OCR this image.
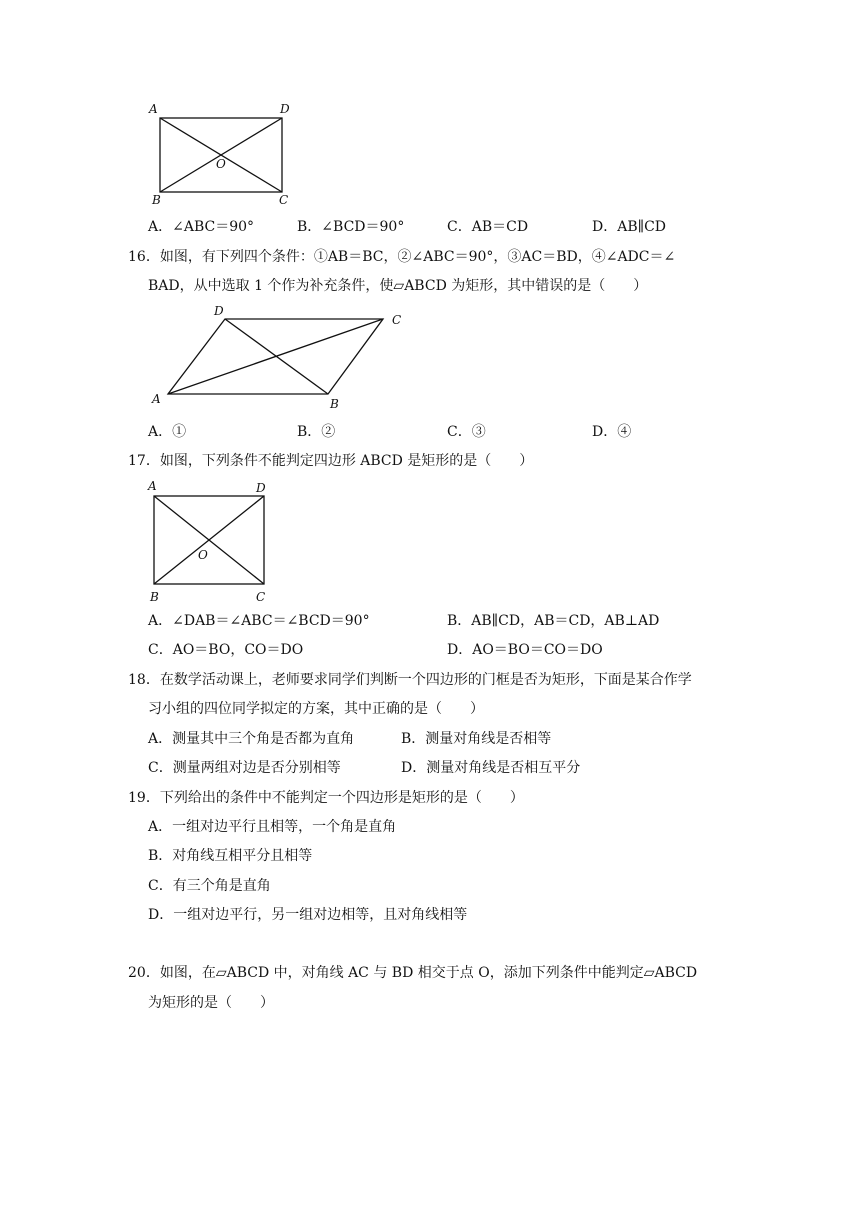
A	D
B	C
O
A．∠ABC＝90°	B．∠BCD＝90°	C．AB＝CD	D．AB∥CD
16．如图，有下列四个条件：①AB＝BC，②∠ABC＝90°，③AC＝BD，④∠ADC＝∠
BAD，从中选取 1 个作为补充条件，使▱ABCD 为矩形，其中错误的是（　　）
D
C
A	B
A．①	B．②	C．③	D．④
17．如图，下列条件不能判定四边形 ABCD 是矩形的是（　　）
A	D
B	C
O
A．∠DAB＝∠ABC＝∠BCD＝90°	B．AB∥CD，AB＝CD，AB⊥AD
C．AO＝BO，CO＝DO	D．AO＝BO＝CO＝DO
18．在数学活动课上，老师要求同学们判断一个四边形的门框是否为矩形，下面是某合作学
习小组的四位同学拟定的方案，其中正确的是（　　）
A．测量其中三个角是否都为直角	B．测量对角线是否相等
C．测量两组对边是否分别相等	D．测量对角线是否相互平分
19．下列给出的条件中不能判定一个四边形是矩形的是（　　）
A．一组对边平行且相等，一个角是直角
B．对角线互相平分且相等
C．有三个角是直角
D．一组对边平行，另一组对边相等，且对角线相等
20．如图，在▱ABCD 中，对角线 AC 与 BD 相交于点 O，添加下列条件中能判定▱ABCD
为矩形的是（　　）
